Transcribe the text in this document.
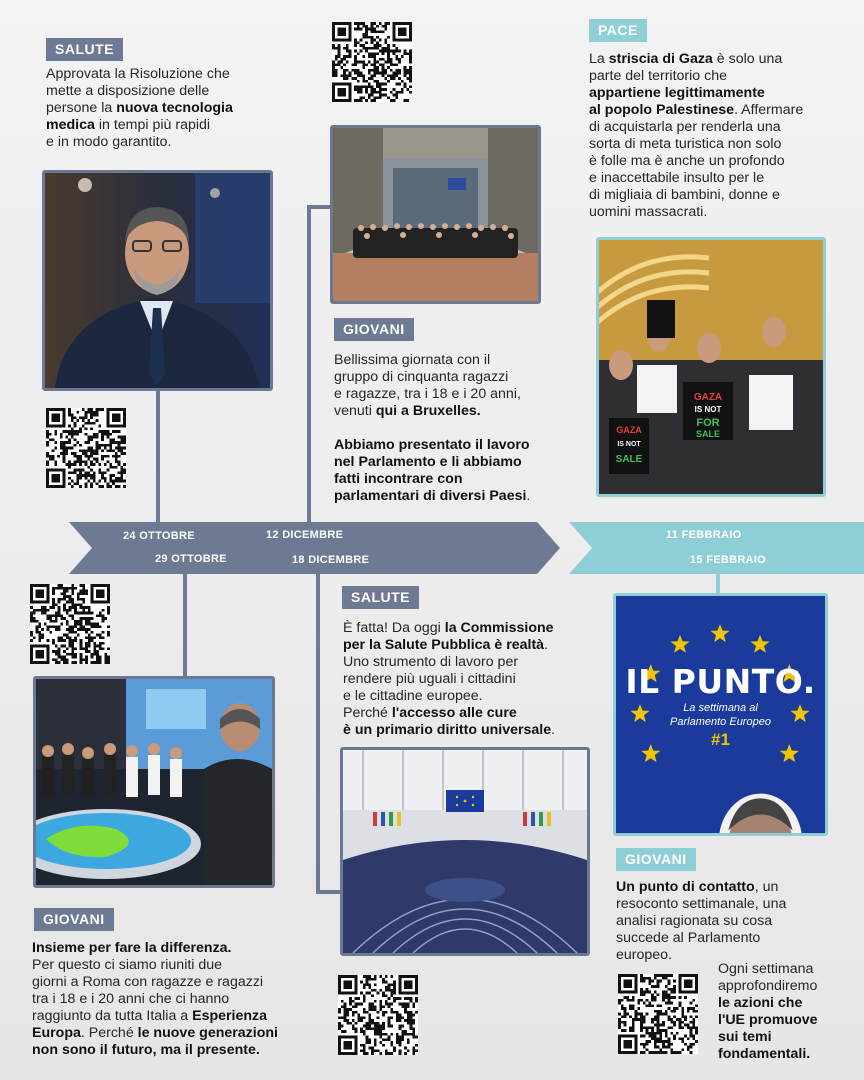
24 OTTOBRE
29 OTTOBRE
12 DICEMBRE
18 DICEMBRE
11 FEBBRAIO
15 FEBBRAIO
SALUTE
Approvata la Risoluzione che
mette a disposizione delle
persone la nuova tecnologia
medica in tempi più rapidi
e in modo garantito.
GIOVANI

Bellissima giornata con il
gruppo di cinquanta ragazzi
e ragazze, tra i 18 e i 20 anni,
venuti qui a Bruxelles.

Abbiamo presentato il lavoro
nel Parlamento e li abbiamo
fatti incontrare con
parlamentari di diversi Paesi.

PACE
La striscia di Gaza è solo una
parte del territorio che
appartiene legittimamente
al popolo Palestinese. Affermare
di acquistarla per renderla una
sorta di meta turistica non solo
è folle ma è anche un profondo
e inaccettabile insulto per le
di migliaia di bambini, donne e
uomini massacrati.
GAZA
IS NOT
FOR
SALE
GAZA
IS NOT
SALE
GIOVANI
Insieme per fare la differenza.
Per questo ci siamo riuniti due
giorni a Roma con ragazze e ragazzi
tra i 18 e i 20 anni che ci hanno
raggiunto da tutta Italia a Esperienza
Europa. Perché le nuove generazioni
non sono il futuro, ma il presente.
SALUTE
È fatta! Da oggi la Commissione
per la Salute Pubblica è realtà.
Uno strumento di lavoro per
rendere più uguali i cittadini
e le cittadine europee.
Perché l'accesso alle cure
è un primario diritto universale.
IL PUNTO.
La settimana al
Parlamento Europeo
#1
GIOVANI
Un punto di contatto, un
resoconto settimanale, una
analisi ragionata su cosa
succede al Parlamento
europeo.
Ogni settimana
approfondiremo
le azioni che
l'UE promuove
sui temi
fondamentali.
